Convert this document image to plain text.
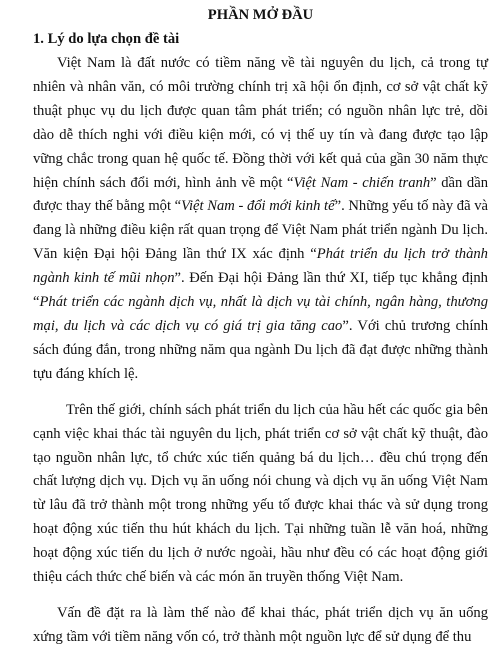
PHẦN MỞ ĐẦU
1. Lý do lựa chọn đề tài

Việt Nam là đất nước có tiềm năng về tài nguyên du lịch, cả trong tự nhiên và nhân văn, có môi trường chính trị xã hội ổn định, cơ sở vật chất kỹ thuật phục vụ du lịch được quan tâm phát triển; có nguồn nhân lực trẻ, dồi dào dễ thích nghi với điều kiện mới, có vị thế uy tín và đang được tạo lập vững chắc trong quan hệ quốc tế. Đồng thời với kết quả của gần 30 năm thực hiện chính sách đổi mới, hình ảnh về một “Việt Nam - chiến tranh” dần dần được thay thế bằng một “Việt Nam - đổi mới kinh tế”. Những yếu tố này đã và đang là những điều kiện rất quan trọng để Việt Nam phát triển ngành Du lịch. Văn kiện Đại hội Đảng lần thứ IX xác định “Phát triển du lịch trở thành ngành kinh tế mũi nhọn”. Đến Đại hội Đảng lần thứ XI, tiếp tục khẳng định “Phát triển các ngành dịch vụ, nhất là dịch vụ tài chính, ngân hàng, thương mại, du lịch và các dịch vụ có giá trị gia tăng cao”. Với chủ trương chính sách đúng đắn, trong những năm qua ngành Du lịch đã đạt được những thành tựu đáng khích lệ.

Trên thế giới, chính sách phát triển du lịch của hầu hết các quốc gia bên cạnh việc khai thác tài nguyên du lịch, phát triển cơ sở vật chất kỹ thuật, đào tạo nguồn nhân lực, tổ chức xúc tiến quảng bá du lịch… đều chú trọng đến chất lượng dịch vụ. Dịch vụ ăn uống nói chung và dịch vụ ăn uống Việt Nam từ lâu đã trở thành một trong những yếu tố được khai thác và sử dụng trong hoạt động xúc tiến thu hút khách du lịch. Tại những tuần lễ văn hoá, những hoạt động xúc tiến du lịch ở nước ngoài, hầu như đều có các hoạt động giới thiệu cách thức chế biến và các món ăn truyền thống Việt Nam.

Vấn đề đặt ra là làm thế nào để khai thác, phát triển dịch vụ ăn uống xứng tầm với tiềm năng vốn có, trở thành một nguồn lực để sử dụng để thu
